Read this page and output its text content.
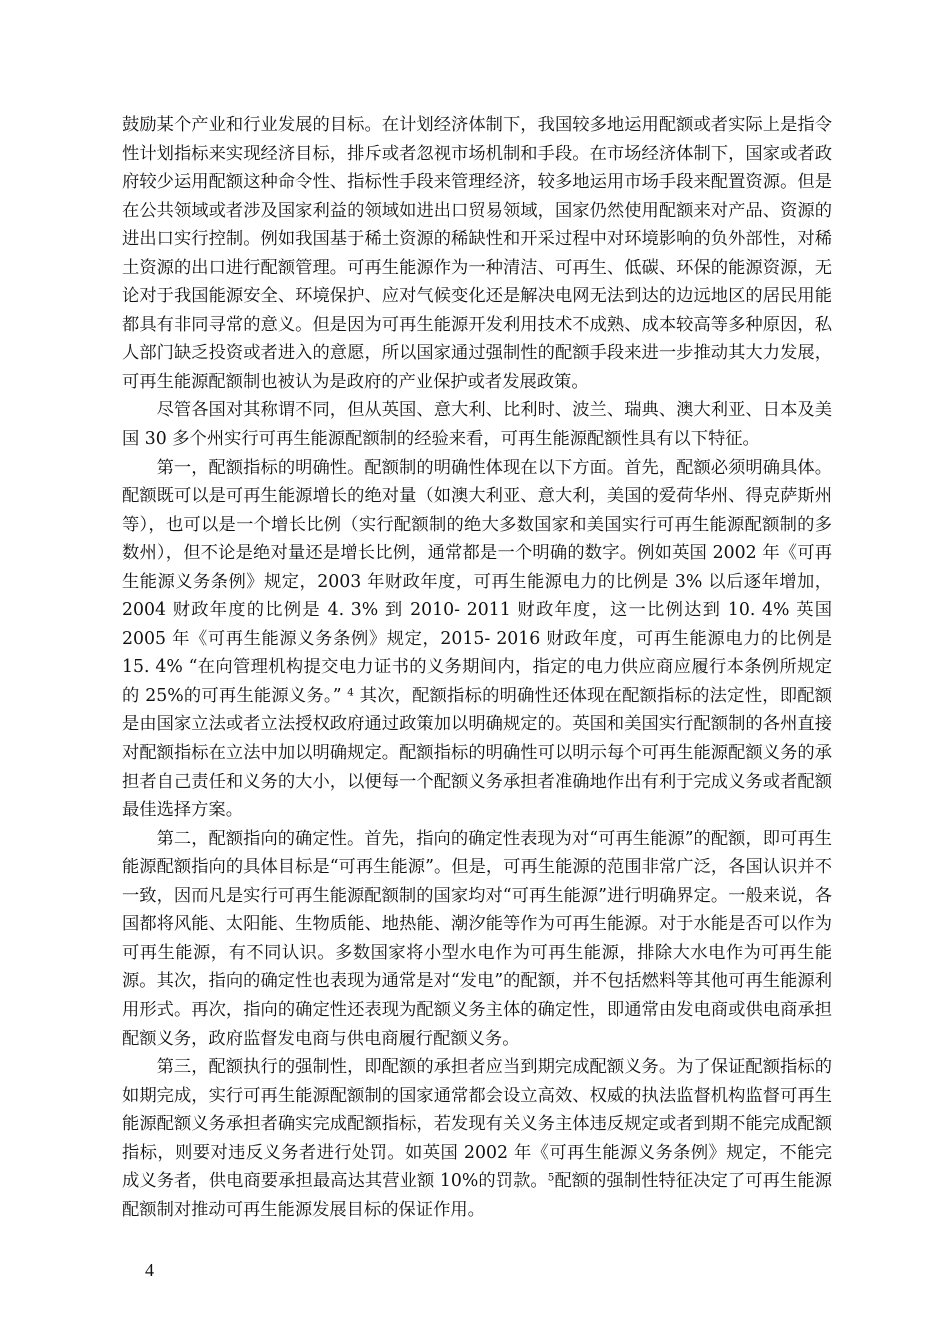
鼓励某个产业和行业发展的目标。在计划经济体制下，我国较多地运用配额或者实际上是指令性计划指标来实现经济目标，排斥或者忽视市场机制和手段。在市场经济体制下，国家或者政府较少运用配额这种命令性、指标性手段来管理经济，较多地运用市场手段来配置资源。但是在公共领域或者涉及国家利益的领域如进出口贸易领域，国家仍然使用配额来对产品、资源的进出口实行控制。例如我国基于稀土资源的稀缺性和开采过程中对环境影响的负外部性，对稀土资源的出口进行配额管理。可再生能源作为一种清洁、可再生、低碳、环保的能源资源，无论对于我国能源安全、环境保护、应对气候变化还是解决电网无法到达的边远地区的居民用能都具有非同寻常的意义。但是因为可再生能源开发利用技术不成熟、成本较高等多种原因，私人部门缺乏投资或者进入的意愿，所以国家通过强制性的配额手段来进一步推动其大力发展，可再生能源配额制也被认为是政府的产业保护或者发展政策。

尽管各国对其称谓不同，但从英国、意大利、比利时、波兰、瑞典、澳大利亚、日本及美国 30 多个州实行可再生能源配额制的经验来看，可再生能源配额性具有以下特征。

第一，配额指标的明确性。配额制的明确性体现在以下方面。首先，配额必须明确具体。配额既可以是可再生能源增长的绝对量（如澳大利亚、意大利，美国的爱荷华州、得克萨斯州等），也可以是一个增长比例（实行配额制的绝大多数国家和美国实行可再生能源配额制的多数州），但不论是绝对量还是增长比例，通常都是一个明确的数字。例如英国 2002 年《可再生能源义务条例》规定，2003 年财政年度，可再生能源电力的比例是 3% 以后逐年增加，2004 财政年度的比例是 4. 3% 到 2010- 2011 财政年度，这一比例达到 10. 4% 英国 2005 年《可再生能源义务条例》规定，2015- 2016 财政年度，可再生能源电力的比例是 15. 4% “在向管理机构提交电力证书的义务期间内，指定的电力供应商应履行本条例所规定的 25%的可再生能源义务。” $^4$ 其次，配额指标的明确性还体现在配额指标的法定性，即配额是由国家立法或者立法授权政府通过政策加以明确规定的。英国和美国实行配额制的各州直接对配额指标在立法中加以明确规定。配额指标的明确性可以明示每个可再生能源配额义务的承担者自己责任和义务的大小，以便每一个配额义务承担者准确地作出有利于完成义务或者配额最佳选择方案。

第二，配额指向的确定性。首先，指向的确定性表现为对“可再生能源”的配额，即可再生能源配额指向的具体目标是“可再生能源”。但是，可再生能源的范围非常广泛，各国认识并不一致，因而凡是实行可再生能源配额制的国家均对“可再生能源”进行明确界定。一般来说，各国都将风能、太阳能、生物质能、地热能、潮汐能等作为可再生能源。对于水能是否可以作为可再生能源，有不同认识。多数国家将小型水电作为可再生能源，排除大水电作为可再生能源。其次，指向的确定性也表现为通常是对“发电”的配额，并不包括燃料等其他可再生能源利用形式。再次，指向的确定性还表现为配额义务主体的确定性，即通常由发电商或供电商承担配额义务，政府监督发电商与供电商履行配额义务。

第三，配额执行的强制性，即配额的承担者应当到期完成配额义务。为了保证配额指标的如期完成，实行可再生能源配额制的国家通常都会设立高效、权威的执法监督机构监督可再生能源配额义务承担者确实完成配额指标，若发现有关义务主体违反规定或者到期不能完成配额指标，则要对违反义务者进行处罚。如英国 2002 年《可再生能源义务条例》规定，不能完成义务者，供电商要承担最高达其营业额 10%的罚款。$^5$配额的强制性特征决定了可再生能源配额制对推动可再生能源发展目标的保证作用。

4
